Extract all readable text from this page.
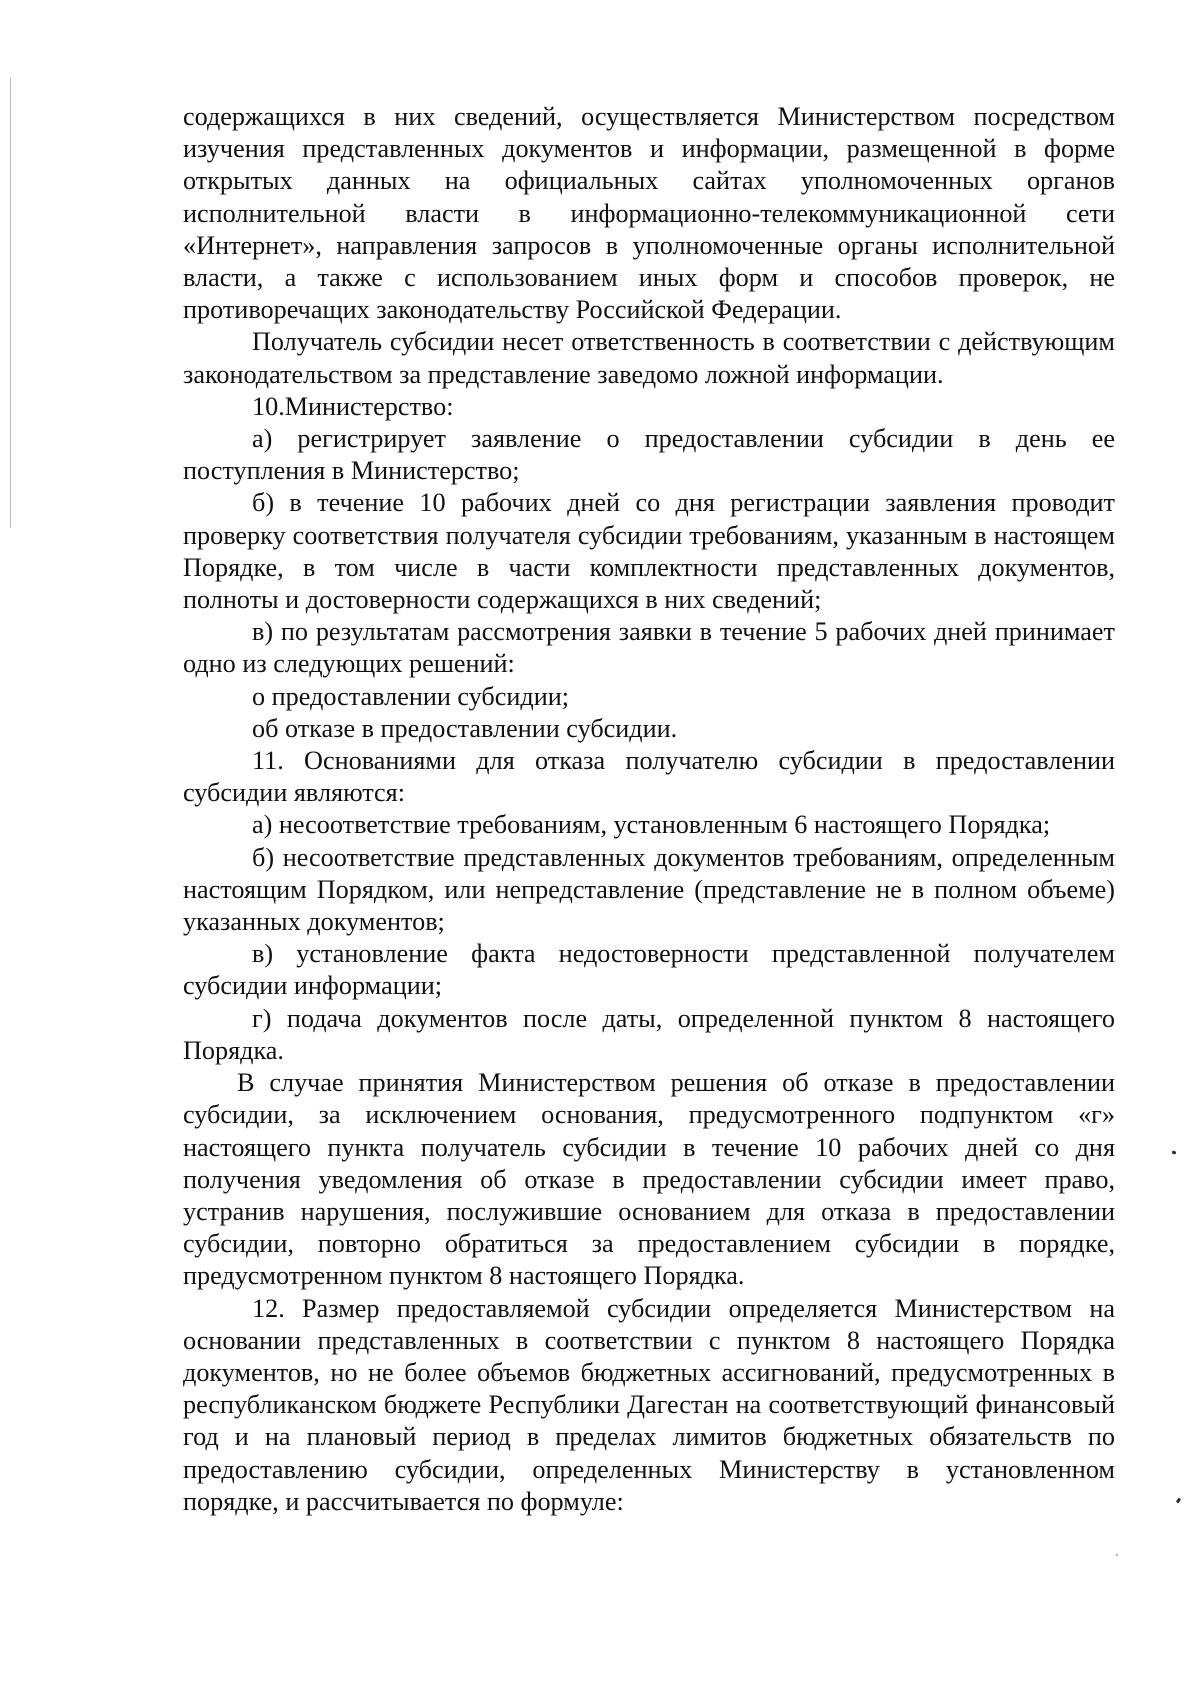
содержащихся в них сведений, осуществляется Министерством посредством изучения представленных документов и информации, размещенной в форме открытых данных на официальных сайтах уполномоченных органов исполнительной власти в информационно-телекоммуникационной сети «Интернет», направления запросов в уполномоченные органы исполнительной власти, а также с использованием иных форм и способов проверок, не противоречащих законодательству Российской Федерации.

Получатель субсидии несет ответственность в соответствии с действующим законодательством за представление заведомо ложной информации.

10.Министерство:

а) регистрирует заявление о предоставлении субсидии в день ее поступления в Министерство;

б) в течение 10 рабочих дней со дня регистрации заявления проводит проверку соответствия получателя субсидии требованиям, указанным в настоящем Порядке, в том числе в части комплектности представленных документов, полноты и достоверности содержащихся в них сведений;

в) по результатам рассмотрения заявки в течение 5 рабочих дней принимает одно из следующих решений:

о предоставлении субсидии;

об отказе в предоставлении субсидии.

11. Основаниями для отказа получателю субсидии в предоставлении субсидии являются:

а) несоответствие требованиям, установленным 6 настоящего Порядка;

б) несоответствие представленных документов требованиям, определенным настоящим Порядком, или непредставление (представление не в полном объеме) указанных документов;

в) установление факта недостоверности представленной получателем субсидии информации;

г) подача документов после даты, определенной пунктом 8 настоящего Порядка.

В случае принятия Министерством решения об отказе в предоставлении субсидии, за исключением основания, предусмотренного подпунктом «г» настоящего пункта получатель субсидии в течение 10 рабочих дней со дня получения уведомления об отказе в предоставлении субсидии имеет право, устранив нарушения, послужившие основанием для отказа в предоставлении субсидии, повторно обратиться за предоставлением субсидии в порядке, предусмотренном пунктом 8 настоящего Порядка.

12. Размер предоставляемой субсидии определяется Министерством на основании представленных в соответствии с пунктом 8 настоящего Порядка документов, но не более объемов бюджетных ассигнований, предусмотренных в республиканском бюджете Республики Дагестан на соответствующий финансовый год и на плановый период в пределах лимитов бюджетных обязательств по предоставлению субсидии, определенных Министерству в установленном порядке, и рассчитывается по формуле:
